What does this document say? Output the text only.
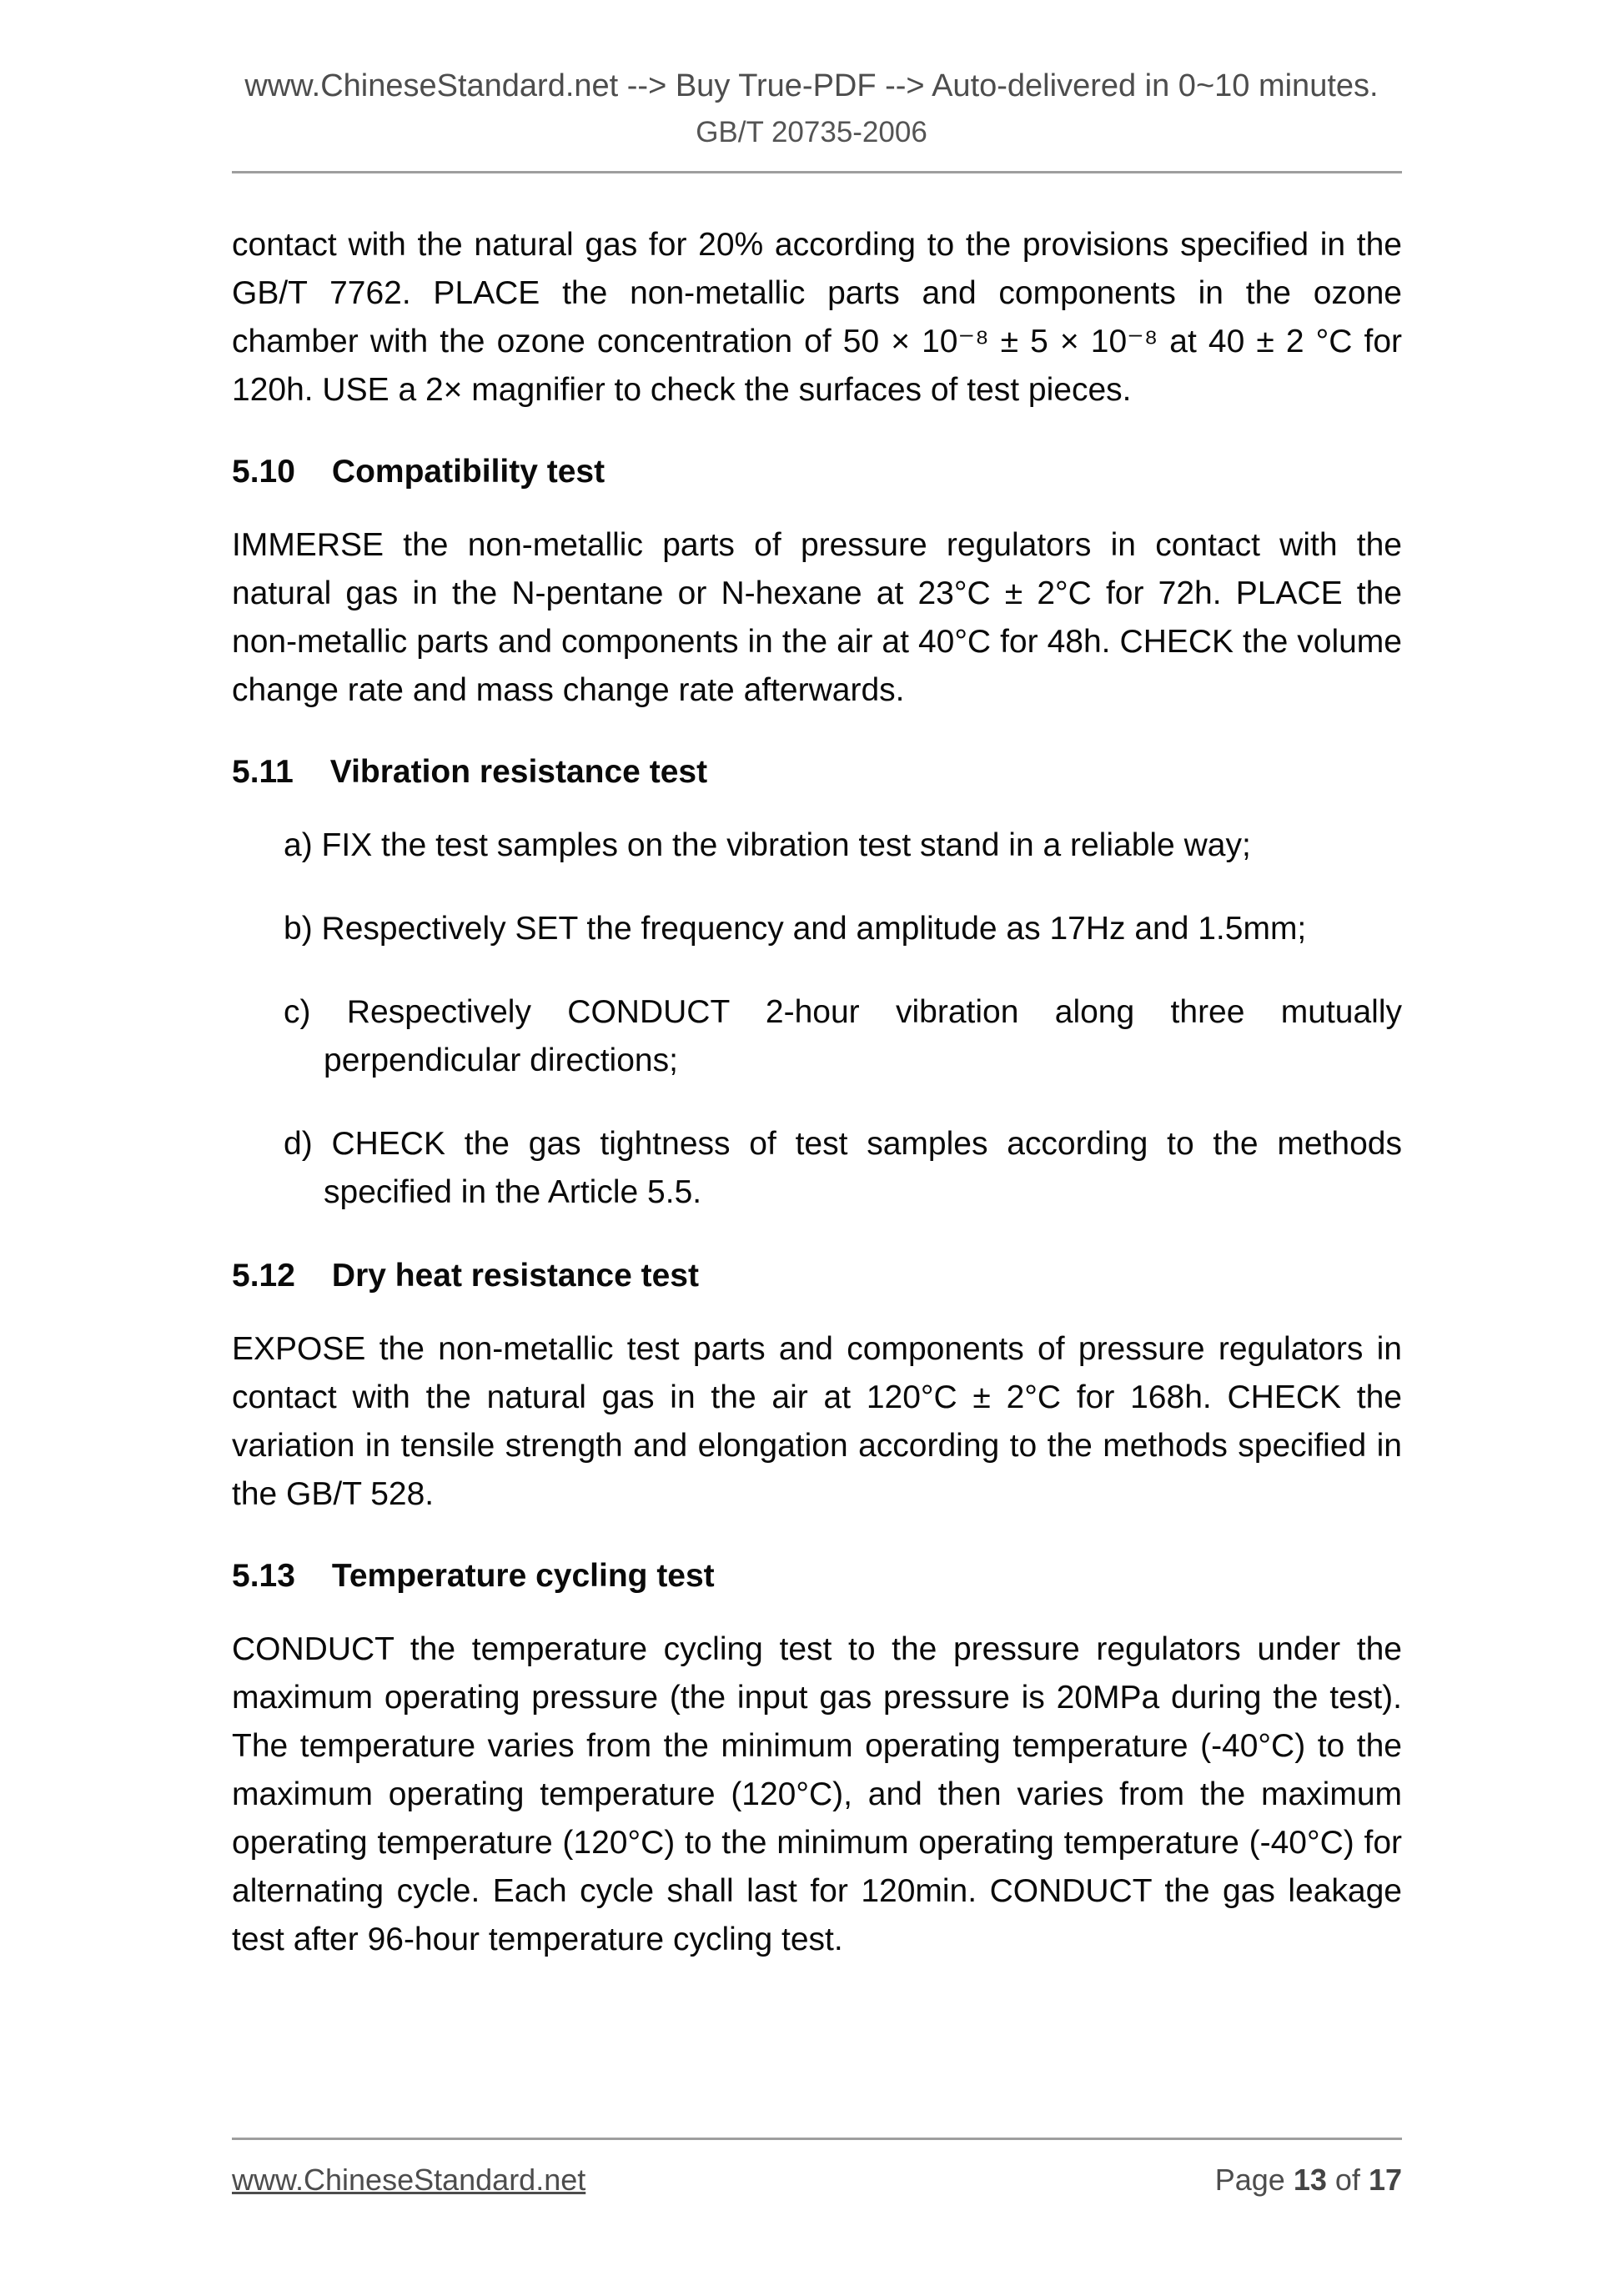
www.ChineseStandard.net --> Buy True-PDF --> Auto-delivered in 0~10 minutes.
GB/T 20735-2006
contact with the natural gas for 20% according to the provisions specified in the GB/T 7762. PLACE the non-metallic parts and components in the ozone chamber with the ozone concentration of 50 × 10⁻⁸ ± 5 × 10⁻⁸ at 40 ± 2 °C for 120h. USE a 2× magnifier to check the surfaces of test pieces.
5.10 Compatibility test
IMMERSE the non-metallic parts of pressure regulators in contact with the natural gas in the N-pentane or N-hexane at 23°C ± 2°C for 72h. PLACE the non-metallic parts and components in the air at 40°C for 48h. CHECK the volume change rate and mass change rate afterwards.
5.11 Vibration resistance test
a) FIX the test samples on the vibration test stand in a reliable way;
b) Respectively SET the frequency and amplitude as 17Hz and 1.5mm;
c) Respectively CONDUCT 2-hour vibration along three mutually perpendicular directions;
d) CHECK the gas tightness of test samples according to the methods specified in the Article 5.5.
5.12 Dry heat resistance test
EXPOSE the non-metallic test parts and components of pressure regulators in contact with the natural gas in the air at 120°C ± 2°C for 168h. CHECK the variation in tensile strength and elongation according to the methods specified in the GB/T 528.
5.13 Temperature cycling test
CONDUCT the temperature cycling test to the pressure regulators under the maximum operating pressure (the input gas pressure is 20MPa during the test). The temperature varies from the minimum operating temperature (-40°C) to the maximum operating temperature (120°C), and then varies from the maximum operating temperature (120°C) to the minimum operating temperature (-40°C) for alternating cycle. Each cycle shall last for 120min. CONDUCT the gas leakage test after 96-hour temperature cycling test.
www.ChineseStandard.net	Page 13 of 17
